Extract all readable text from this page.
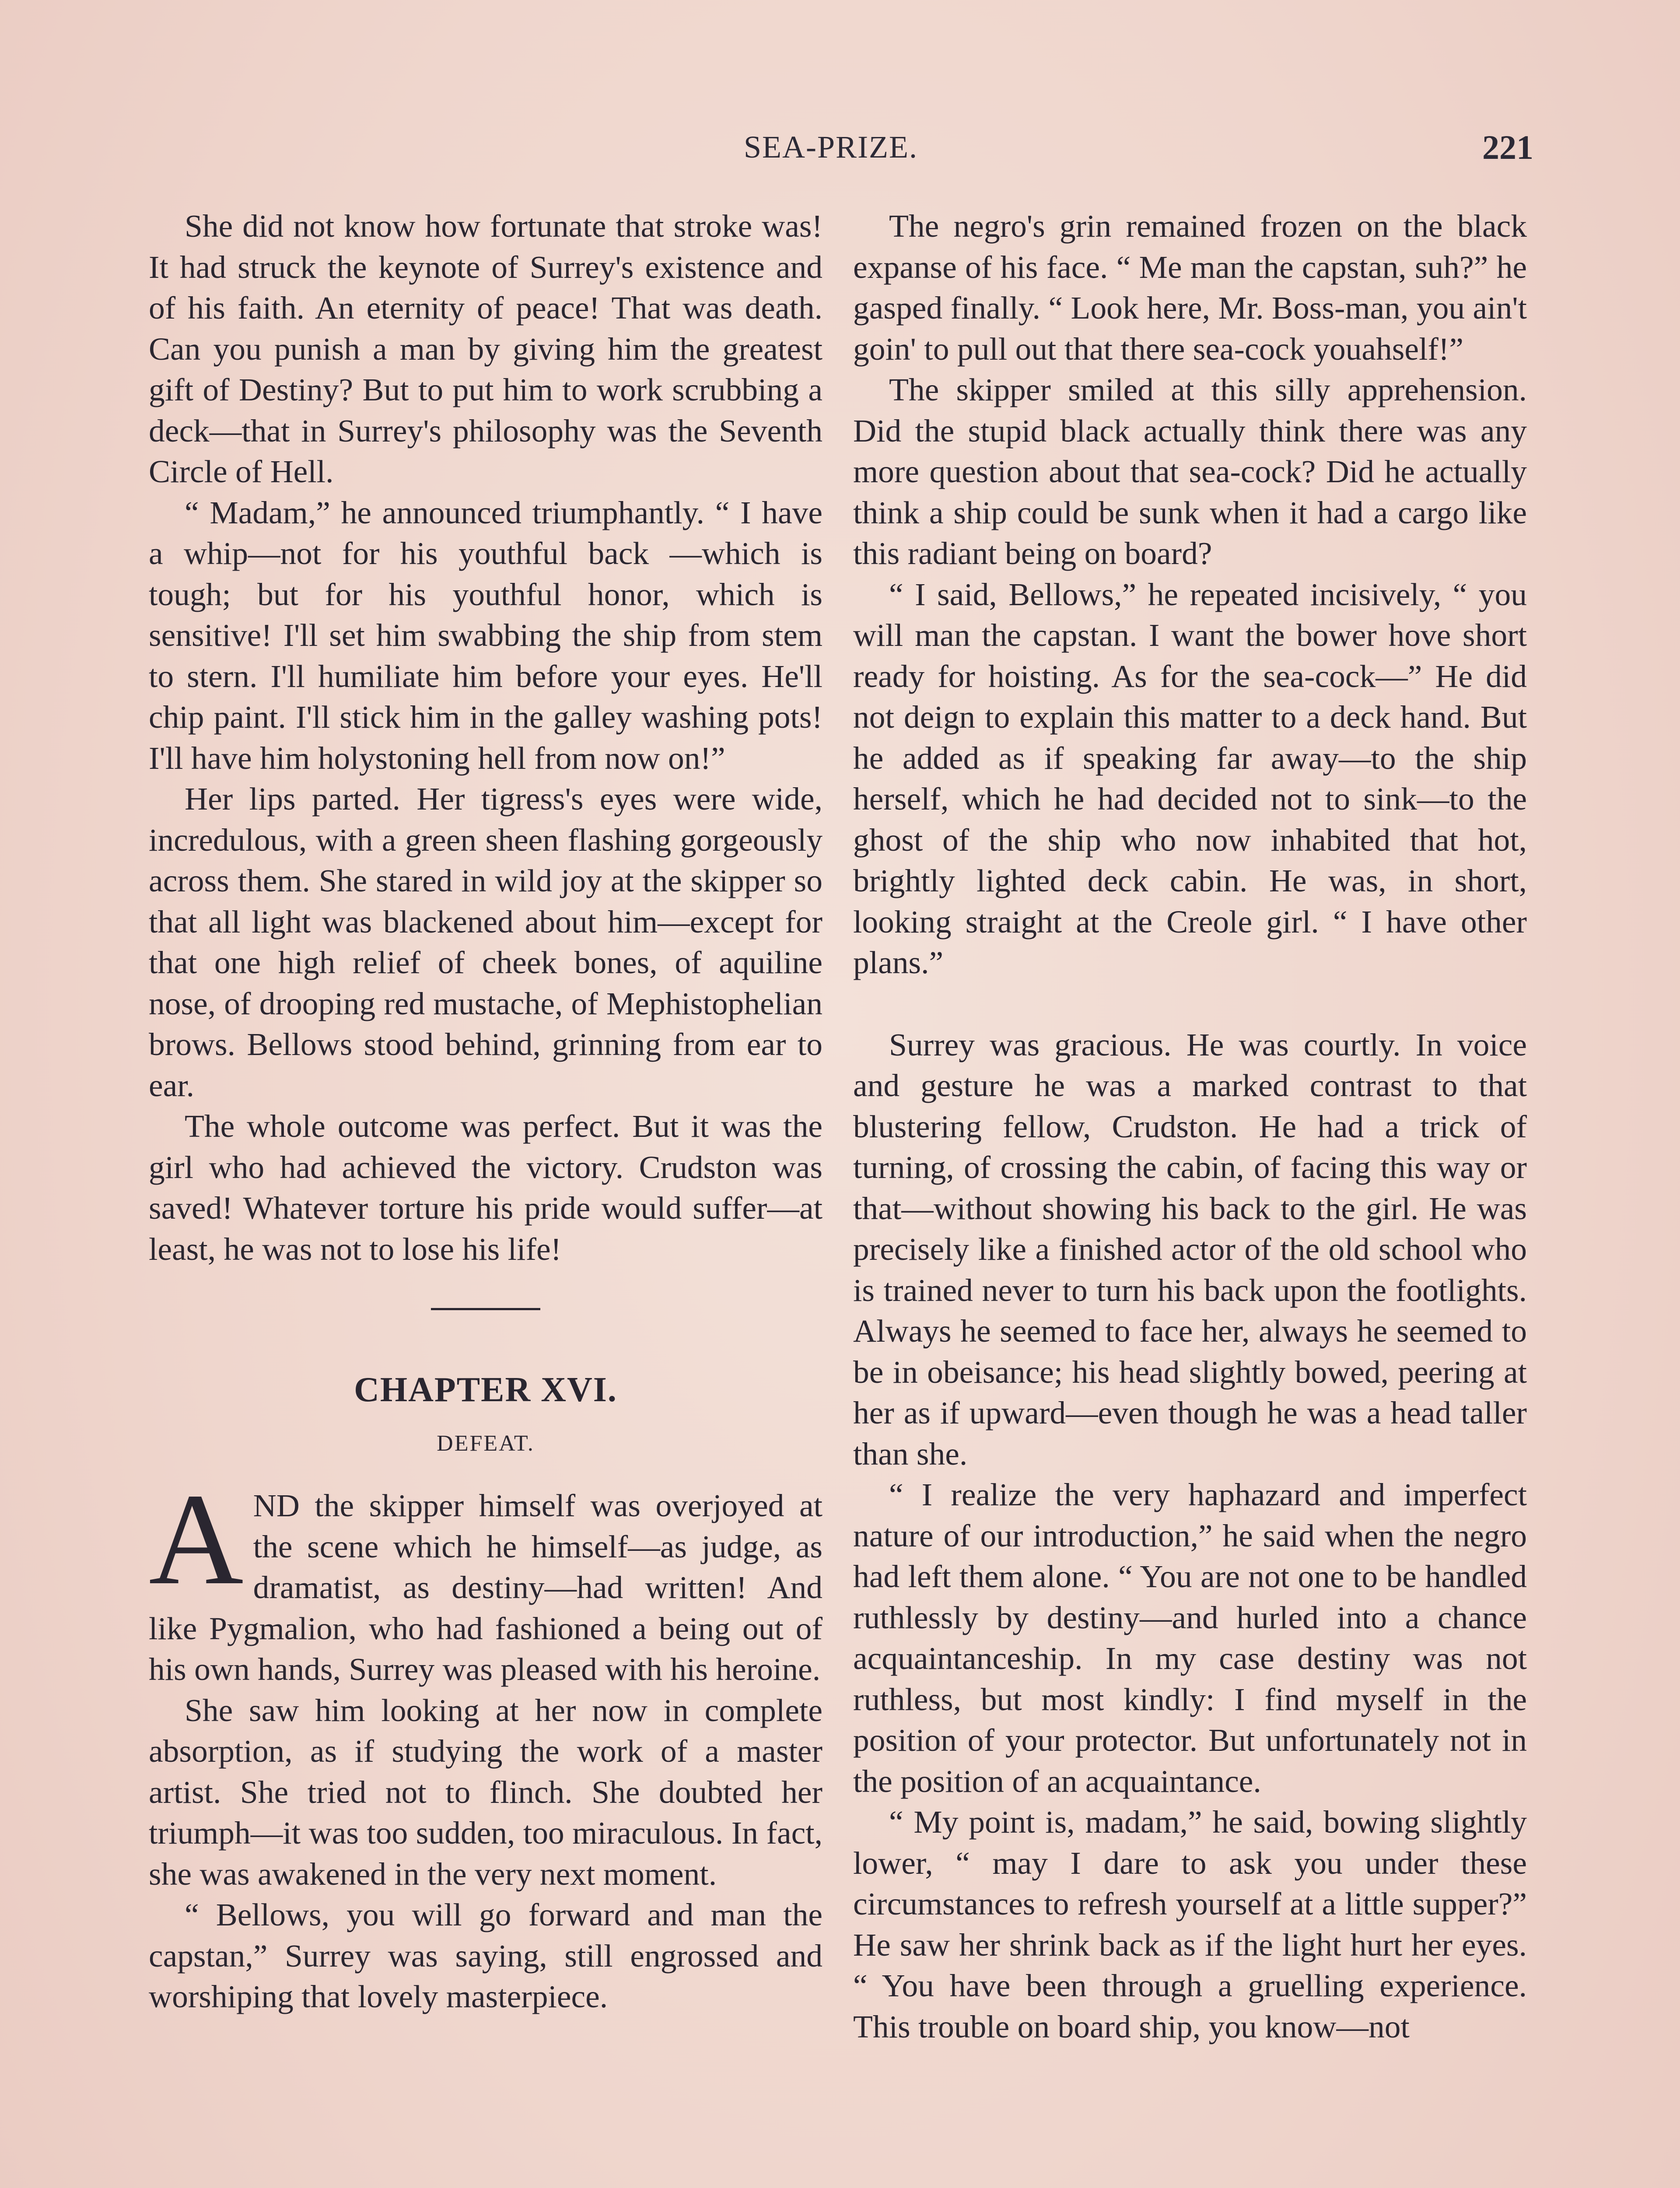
SEA-PRIZE.	221

She did not know how fortunate that stroke was! It had struck the keynote of Surrey's existence and of his faith. An eternity of peace! That was death. Can you punish a man by giving him the greatest gift of Destiny? But to put him to work scrubbing a deck—that in Surrey's philosophy was the Seventh Circle of Hell.

“ Madam,” he announced triumphantly. “ I have a whip—not for his youthful back —which is tough; but for his youthful honor, which is sensitive! I'll set him swabbing the ship from stem to stern. I'll humiliate him before your eyes. He'll chip paint. I'll stick him in the galley washing pots! I'll have him holystoning hell from now on!”

Her lips parted. Her tigress's eyes were wide, incredulous, with a green sheen flashing gorgeously across them. She stared in wild joy at the skipper so that all light was blackened about him—except for that one high relief of cheek bones, of aquiline nose, of drooping red mustache, of Mephistophelian brows. Bellows stood behind, grinning from ear to ear.

The whole outcome was perfect. But it was the girl who had achieved the victory. Crudston was saved! Whatever torture his pride would suffer—at least, he was not to lose his life!

CHAPTER XVI.
DEFEAT.

AND the skipper himself was overjoyed at the scene which he himself—as judge, as dramatist, as destiny—had written! And like Pygmalion, who had fashioned a being out of his own hands, Surrey was pleased with his heroine.

She saw him looking at her now in complete absorption, as if studying the work of a master artist. She tried not to flinch. She doubted her triumph—it was too sudden, too miraculous. In fact, she was awakened in the very next moment.

“ Bellows, you will go forward and man the capstan,” Surrey was saying, still engrossed and worshiping that lovely masterpiece.

The negro's grin remained frozen on the black expanse of his face. “ Me man the capstan, suh?” he gasped finally. “ Look here, Mr. Boss-man, you ain't goin' to pull out that there sea-cock youahself!”

The skipper smiled at this silly apprehension. Did the stupid black actually think there was any more question about that sea-cock? Did he actually think a ship could be sunk when it had a cargo like this radiant being on board?

“ I said, Bellows,” he repeated incisively, “ you will man the capstan. I want the bower hove short ready for hoisting. As for the sea-cock—” He did not deign to explain this matter to a deck hand. But he added as if speaking far away—to the ship herself, which he had decided not to sink—to the ghost of the ship who now inhabited that hot, brightly lighted deck cabin. He was, in short, looking straight at the Creole girl. “ I have other plans.”

Surrey was gracious. He was courtly. In voice and gesture he was a marked contrast to that blustering fellow, Crudston. He had a trick of turning, of crossing the cabin, of facing this way or that—without showing his back to the girl. He was precisely like a finished actor of the old school who is trained never to turn his back upon the footlights. Always he seemed to face her, always he seemed to be in obeisance; his head slightly bowed, peering at her as if upward—even though he was a head taller than she.

“ I realize the very haphazard and imperfect nature of our introduction,” he said when the negro had left them alone. “ You are not one to be handled ruthlessly by destiny—and hurled into a chance acquaintanceship. In my case destiny was not ruthless, but most kindly: I find myself in the position of your protector. But unfortunately not in the position of an acquaintance.

“ My point is, madam,” he said, bowing slightly lower, “ may I dare to ask you under these circumstances to refresh yourself at a little supper?” He saw her shrink back as if the light hurt her eyes. “ You have been through a gruelling experience. This trouble on board ship, you know—not
